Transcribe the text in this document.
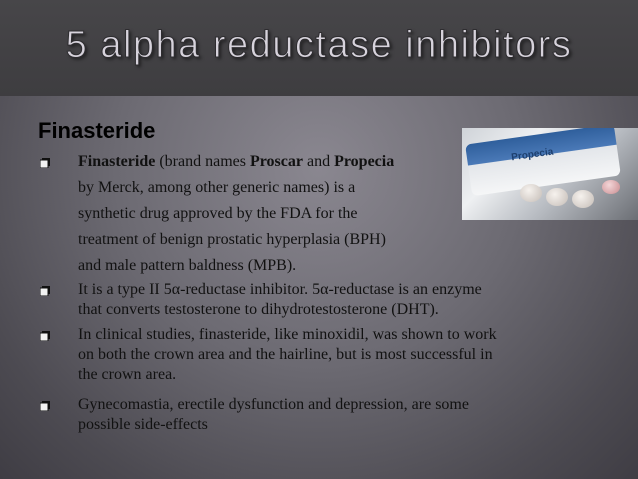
5 alpha reductase inhibitors
Propecia
Finasteride
Finasteride (brand names Proscar and Propecia
by Merck, among other generic names) is a
synthetic drug approved by the FDA for the
treatment of benign prostatic hyperplasia (BPH)
and male pattern baldness (MPB).
It is a type II 5α-reductase inhibitor. 5α-reductase is an enzyme
that converts testosterone to dihydrotestosterone (DHT).
In clinical studies, finasteride, like minoxidil, was shown to work
on both the crown area and the hairline, but is most successful in
the crown area.
Gynecomastia, erectile dysfunction and depression, are some
possible side-effects
